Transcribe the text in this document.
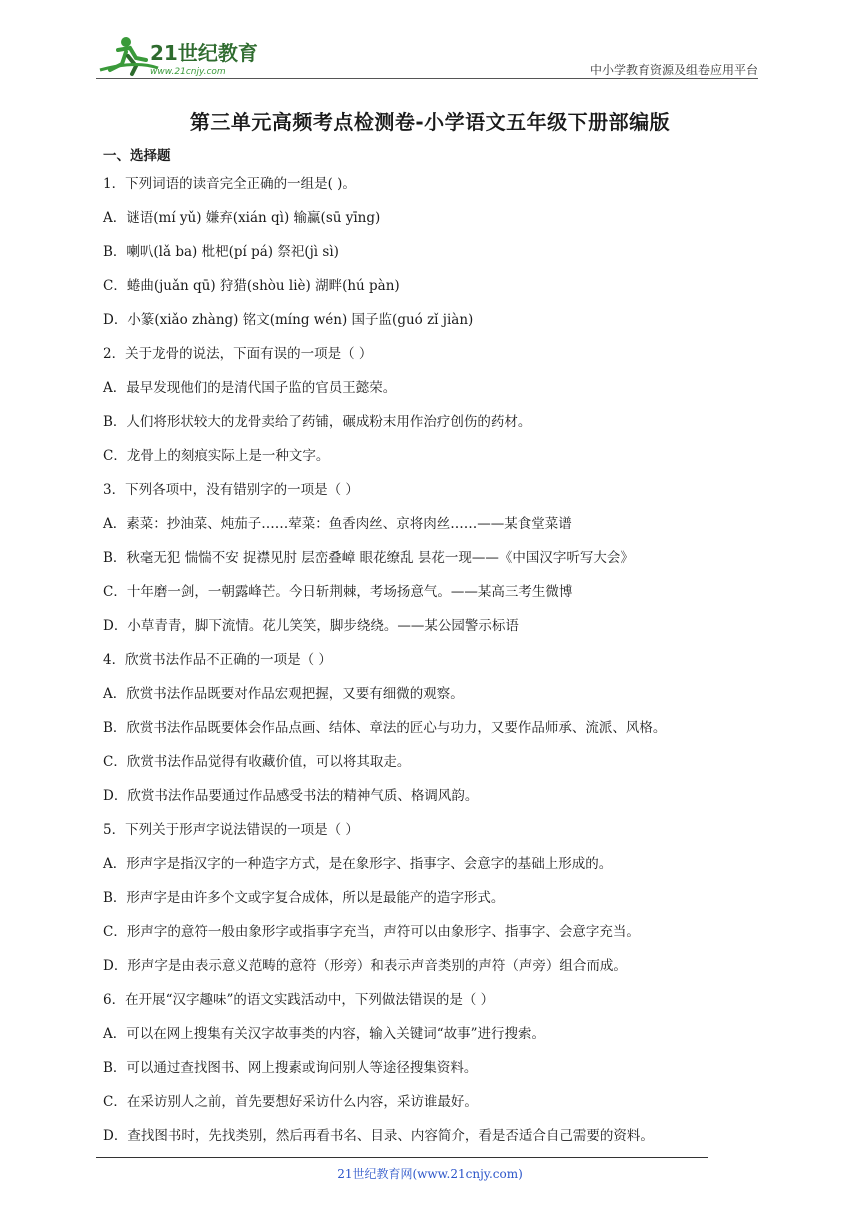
21世纪教育
www.21cnjy.com	中小学教育资源及组卷应用平台
第三单元高频考点检测卷-小学语文五年级下册部编版
一、选择题
1．下列词语的读音完全正确的一组是( )。
A．谜语(mí yǔ) 嫌弃(xián qì) 输赢(sū yīng)
B．喇叭(lǎ ba) 枇杷(pí pá) 祭祀(jì sì)
C．蜷曲(juǎn qū) 狩猎(shòu liè) 湖畔(hú pàn)
D．小篆(xiǎo zhàng) 铭文(míng wén) 国子监(guó zǐ jiàn)
2．关于龙骨的说法，下面有误的一项是（ ）
A．最早发现他们的是清代国子监的官员王懿荣。
B．人们将形状较大的龙骨卖给了药铺，碾成粉末用作治疗创伤的药材。
C．龙骨上的刻痕实际上是一种文字。
3．下列各项中，没有错别字的一项是（ ）
A．素菜：抄油菜、炖茄子……荤菜：鱼香肉丝、京将肉丝……——某食堂菜谱
B．秋毫无犯 惴惴不安 捉襟见肘 层峦叠嶂 眼花缭乱 昙花一现——《中国汉字听写大会》
C．十年磨一剑，一朝露峰芒。今日斩荆棘，考场扬意气。——某高三考生微博
D．小草青青，脚下流情。花儿笑笑，脚步绕绕。——某公园警示标语
4．欣赏书法作品不正确的一项是（ ）
A．欣赏书法作品既要对作品宏观把握，又要有细微的观察。
B．欣赏书法作品既要体会作品点画、结体、章法的匠心与功力，又要作品师承、流派、风格。
C．欣赏书法作品觉得有收藏价值，可以将其取走。
D．欣赏书法作品要通过作品感受书法的精神气质、格调风韵。
5．下列关于形声字说法错误的一项是（ ）
A．形声字是指汉字的一种造字方式，是在象形字、指事字、会意字的基础上形成的。
B．形声字是由许多个文或字复合成体，所以是最能产的造字形式。
C．形声字的意符一般由象形字或指事字充当，声符可以由象形字、指事字、会意字充当。
D．形声字是由表示意义范畴的意符（形旁）和表示声音类别的声符（声旁）组合而成。
6．在开展“汉字趣味”的语文实践活动中，下列做法错误的是（ ）
A．可以在网上搜集有关汉字故事类的内容，输入关键词“故事”进行搜索。
B．可以通过查找图书、网上搜素或询问别人等途径搜集资料。
C．在采访别人之前，首先要想好采访什么内容，采访谁最好。
D．查找图书时，先找类别，然后再看书名、目录、内容简介，看是否适合自己需要的资料。
21世纪教育网(www.21cnjy.com)
